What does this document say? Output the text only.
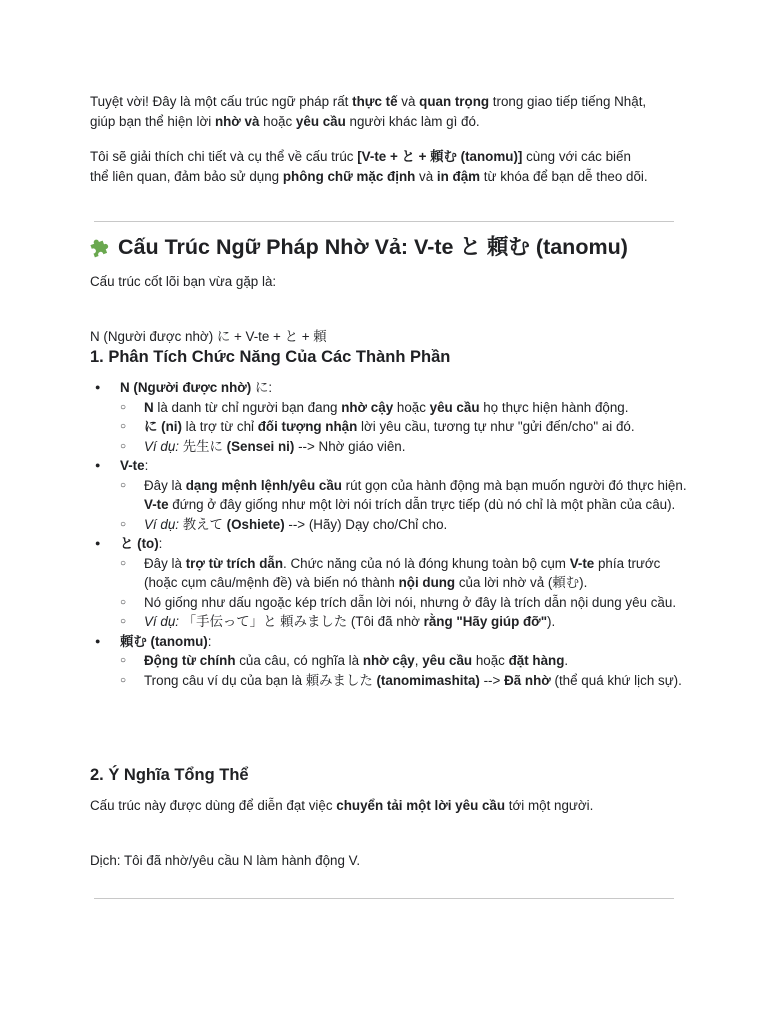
Tuyệt vời! Đây là một cấu trúc ngữ pháp rất thực tế và quan trọng trong giao tiếp tiếng Nhật,
giúp bạn thể hiện lời nhờ và hoặc yêu cầu người khác làm gì đó.

Tôi sẽ giải thích chi tiết và cụ thể về cấu trúc [V-te + と + 頼む (tanomu)] cùng với các biến
thể liên quan, đảm bảo sử dụng phông chữ mặc định và in đậm từ khóa để bạn dễ theo dõi.

Cấu Trúc Ngữ Pháp Nhờ Vả: V-te と 頼む (tanomu)

Cấu trúc cốt lõi bạn vừa gặp là:

N (Người được nhờ) に + V-te + と + 頼

1. Phân Tích Chức Năng Của Các Thành Phần
● N (Người được nhờ) に:
○ N là danh từ chỉ người bạn đang nhờ cậy hoặc yêu cầu họ thực hiện hành động.
○ に (ni) là trợ từ chỉ đối tượng nhận lời yêu cầu, tương tự như "gửi đến/cho" ai đó.
○ Ví dụ: 先生に (Sensei ni) --> Nhờ giáo viên.
● V-te:
○ Đây là dạng mệnh lệnh/yêu cầu rút gọn của hành động mà bạn muốn người đó thực hiện. V-te đứng ở đây giống như một lời nói trích dẫn trực tiếp (dù nó chỉ là một phần của câu).
○ Ví dụ: 教えて (Oshiete) --> (Hãy) Dạy cho/Chỉ cho.
● と (to):
○ Đây là trợ từ trích dẫn. Chức năng của nó là đóng khung toàn bộ cụm V-te phía trước (hoặc cụm câu/mệnh đề) và biến nó thành nội dung của lời nhờ vả (頼む).
○ Nó giống như dấu ngoặc kép trích dẫn lời nói, nhưng ở đây là trích dẫn nội dung yêu cầu.
○ Ví dụ: 「手伝って」と 頼みました (Tôi đã nhờ rằng "Hãy giúp đỡ").
● 頼む (tanomu):
○ Động từ chính của câu, có nghĩa là nhờ cậy, yêu cầu hoặc đặt hàng.
○ Trong câu ví dụ của bạn là 頼みました (tanomimashita) --> Đã nhờ (thể quá khứ lịch sự).
2. Ý Nghĩa Tổng Thể

Cấu trúc này được dùng để diễn đạt việc chuyển tải một lời yêu cầu tới một người.

Dịch: Tôi đã nhờ/yêu cầu N làm hành động V.
